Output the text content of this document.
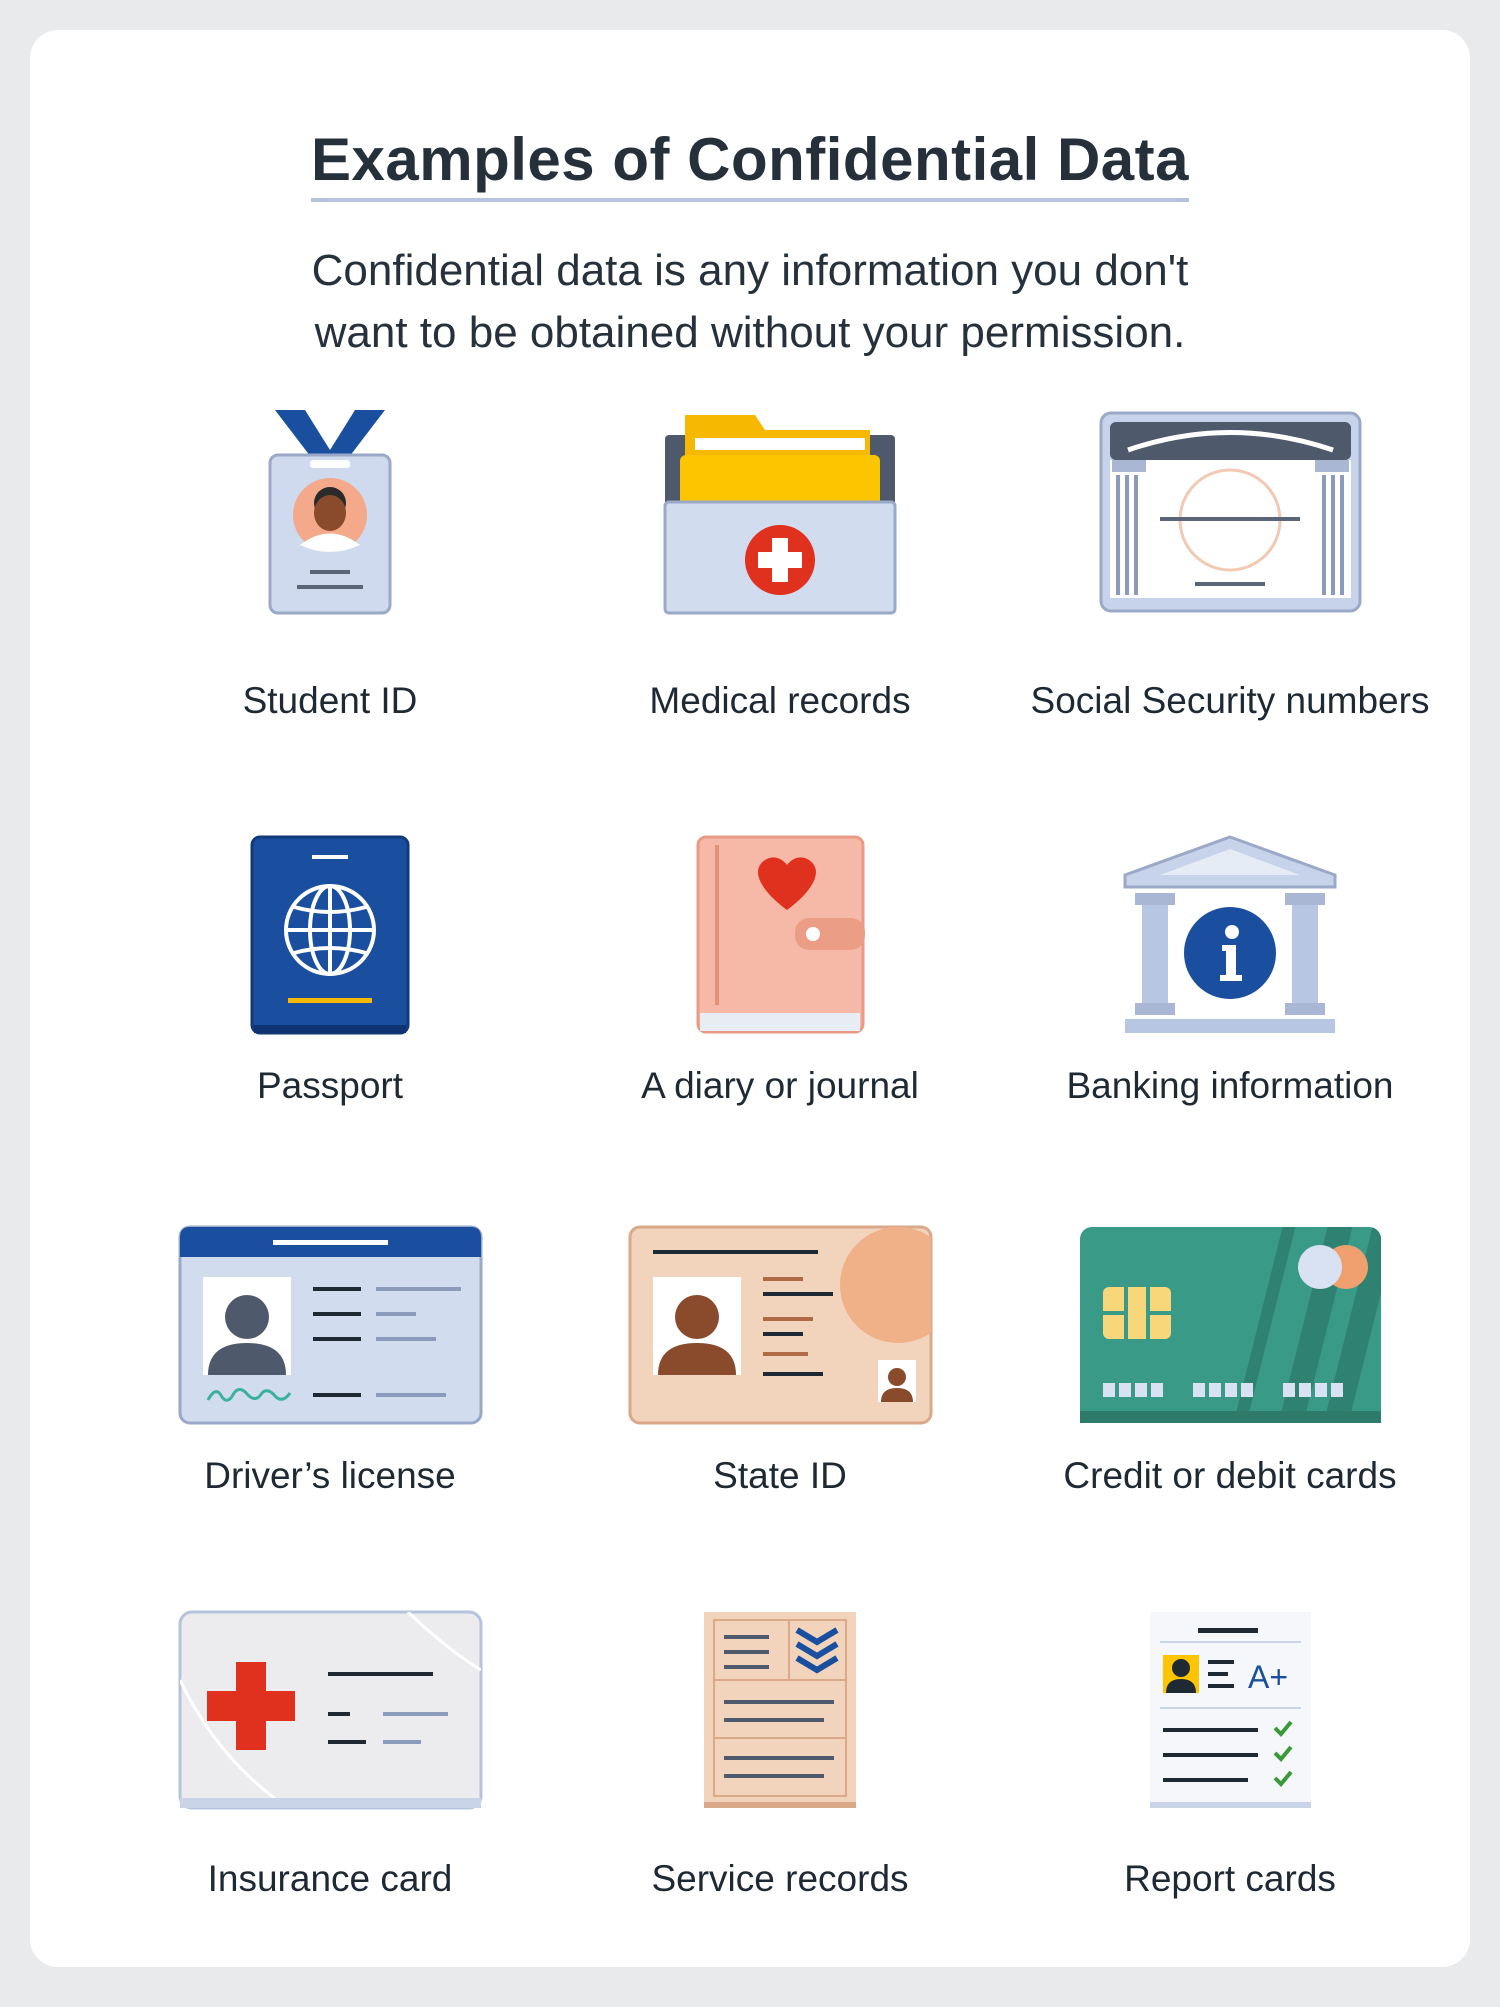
Examples of Confidential Data
Confidential data is any information you don't want to be obtained without your permission.
Student ID	Medical records	Social Security numbers
Passport	A diary or journal	Banking information
Driver’s license	State ID	Credit or debit cards
Insurance card	Service records
A+
Report cards
